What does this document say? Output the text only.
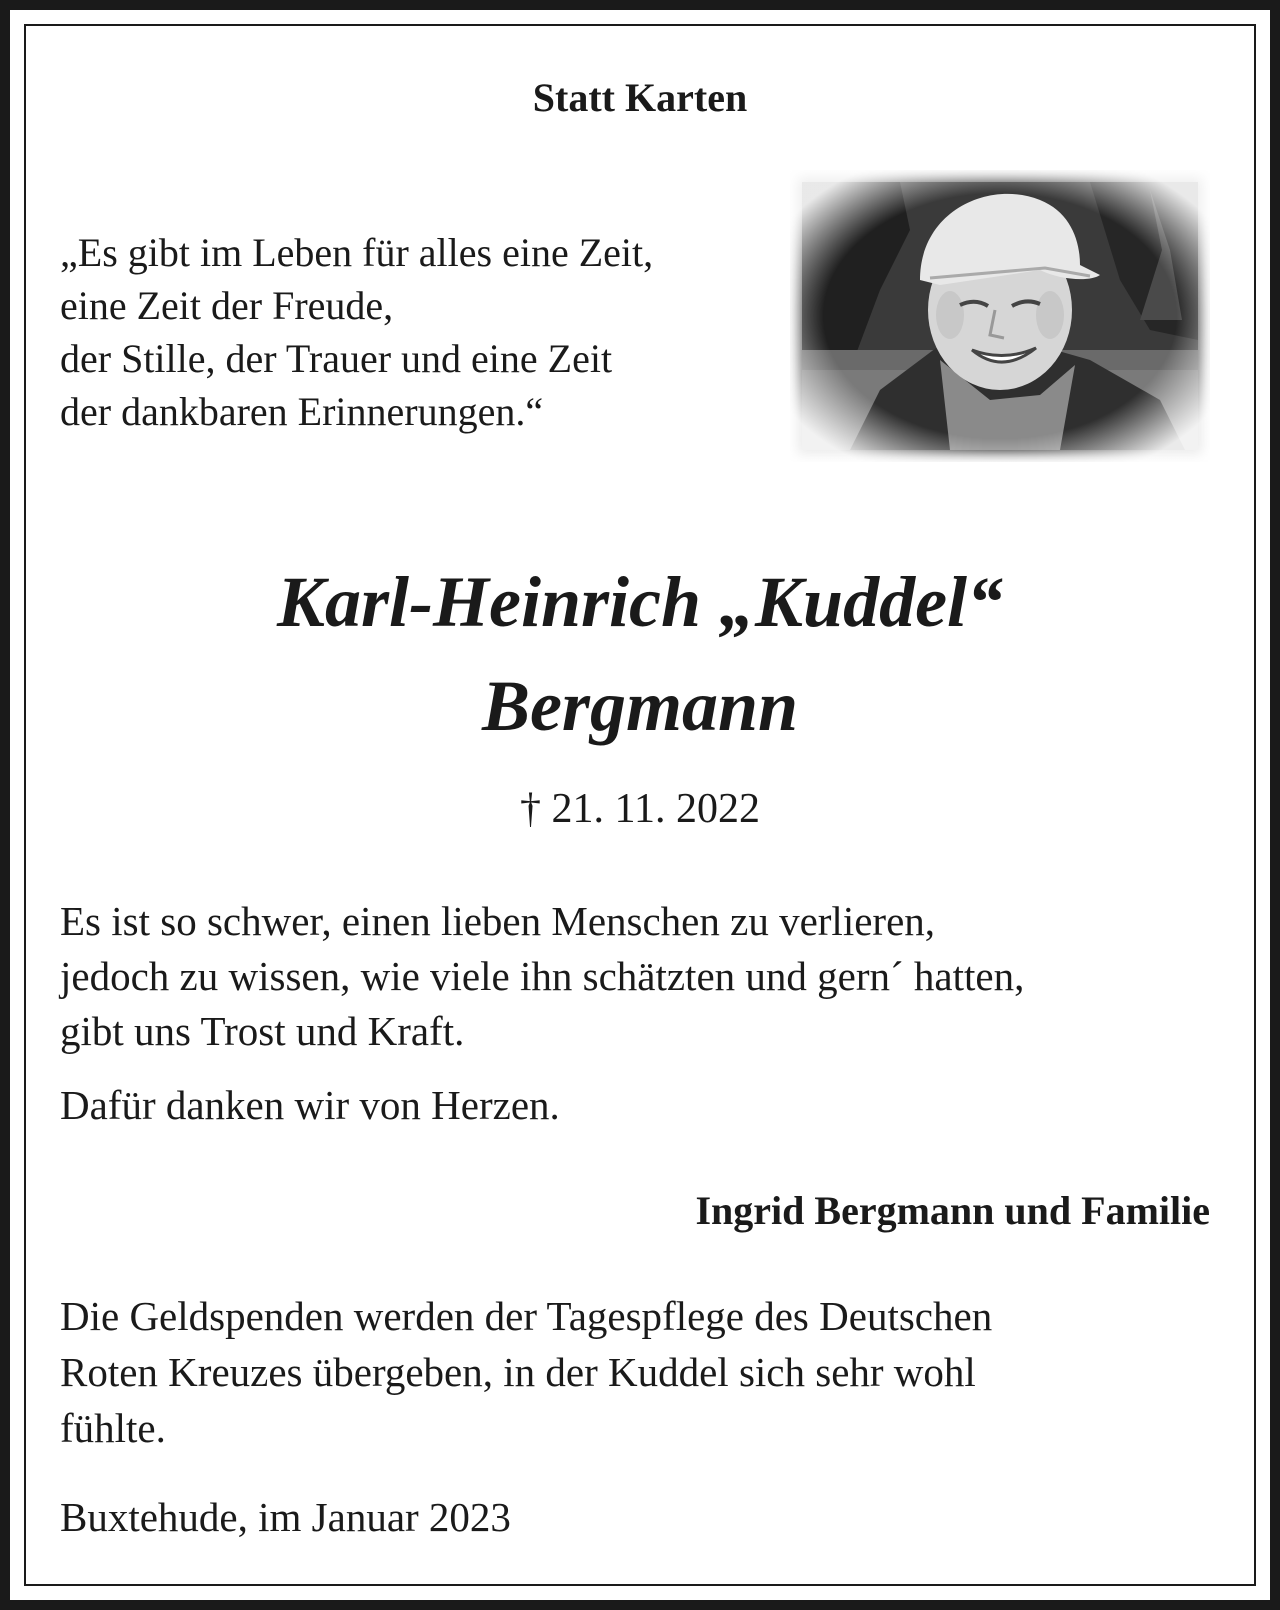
Statt Karten
„Es gibt im Leben für alles eine Zeit,
eine Zeit der Freude,
der Stille, der Trauer und eine Zeit
der dankbaren Erinnerungen.“
Karl-Heinrich „Kuddel“
Bergmann
† 21. 11. 2022
Es ist so schwer, einen lieben Menschen zu verlieren,
jedoch zu wissen, wie viele ihn schätzten und gern´ hatten,
gibt uns Trost und Kraft.
Dafür danken wir von Herzen.
Ingrid Bergmann und Familie
Die Geldspenden werden der Tagespflege des Deutschen
Roten Kreuzes übergeben, in der Kuddel sich sehr wohl
fühlte.
Buxtehude, im Januar 2023
